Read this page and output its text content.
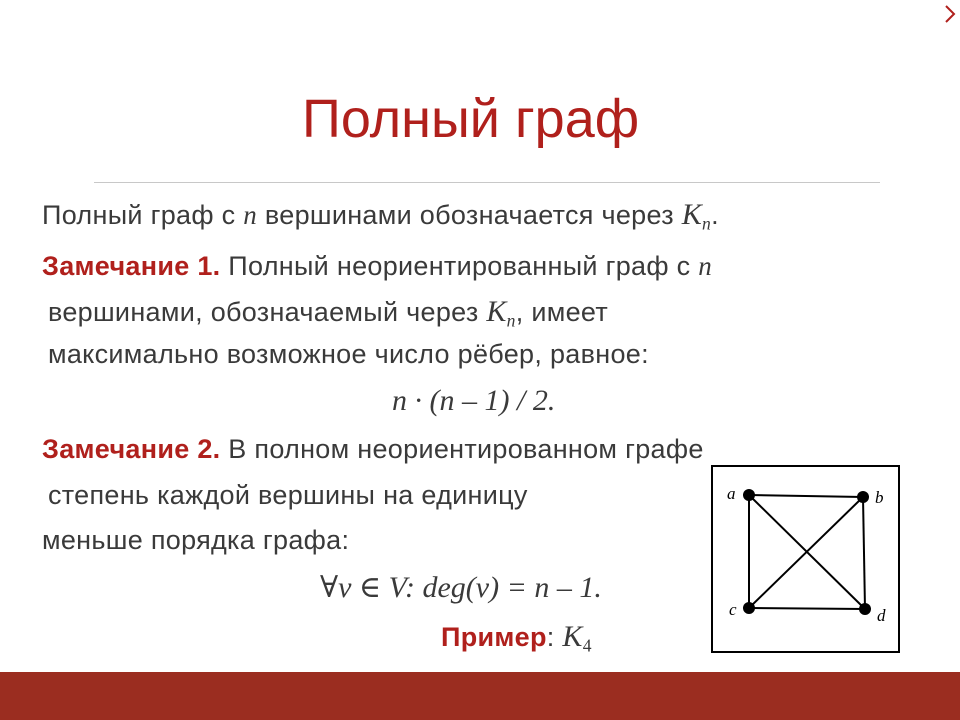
Полный граф
Полный граф с n вершинами обозначается через $K_n$.
Замечание 1. Полный неориентированный граф с n
вершинами, обозначаемый через $K_n$, имеет
максимально возможное число рёбер, равное:
n · (n – 1) / 2.
Замечание 2. В полном неориентированном графе
степень каждой вершины на единицу
меньше порядка графа:
∀v ∈ V: deg(v) = n – 1.
Пример: $K_4$
a	b
c	d
